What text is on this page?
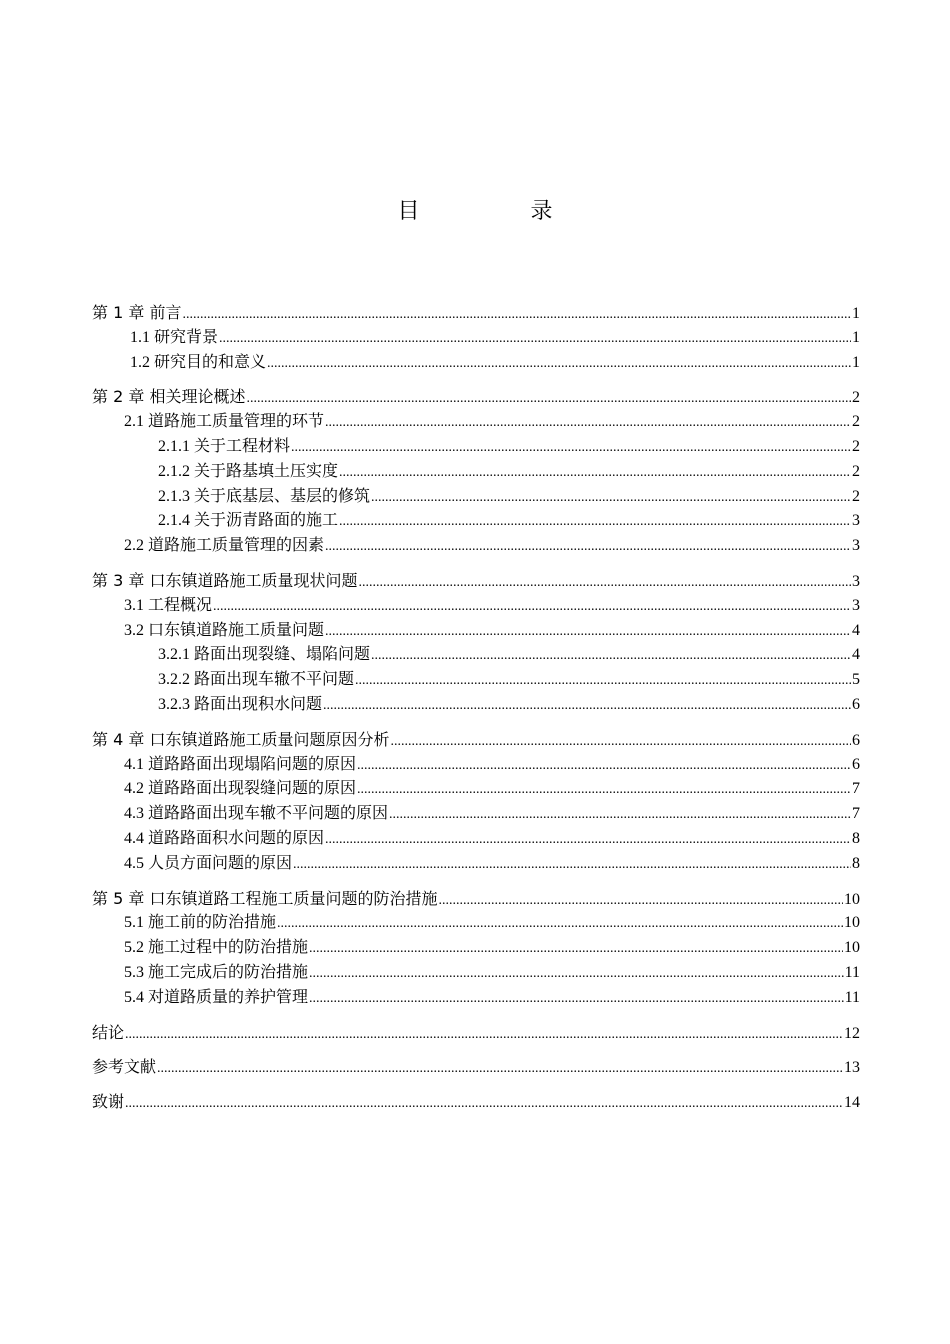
目 录
第 1 章 前言 .....	1
1.1 研究背景 .....	1
1.2 研究目的和意义 .....	1
第 2 章 相关理论概述 .....	2
2.1 道路施工质量管理的环节 .....	2
2.1.1 关于工程材料 .....	2
2.1.2 关于路基填土压实度 .....	2
2.1.3 关于底基层、基层的修筑 .....	2
2.1.4 关于沥青路面的施工 .....	3
2.2 道路施工质量管理的因素 .....	3
第 3 章 口东镇道路施工质量现状问题 .....	3
3.1 工程概况 .....	3
3.2 口东镇道路施工质量问题 .....	4
3.2.1 路面出现裂缝、塌陷问题 .....	4
3.2.2 路面出现车辙不平问题 .....	5
3.2.3 路面出现积水问题 .....	6
第 4 章 口东镇道路施工质量问题原因分析 .....	6
4.1 道路路面出现塌陷问题的原因 .....	6
4.2 道路路面出现裂缝问题的原因 .....	7
4.3 道路路面出现车辙不平问题的原因 .....	7
4.4 道路路面积水问题的原因 .....	8
4.5 人员方面问题的原因 .....	8
第 5 章 口东镇道路工程施工质量问题的防治措施 .....	10
5.1 施工前的防治措施 .....	10
5.2 施工过程中的防治措施 .....	10
5.3 施工完成后的防治措施 .....	11
5.4 对道路质量的养护管理 .....	11
结论 .....	12
参考文献 .....	13
致谢 .....	14
